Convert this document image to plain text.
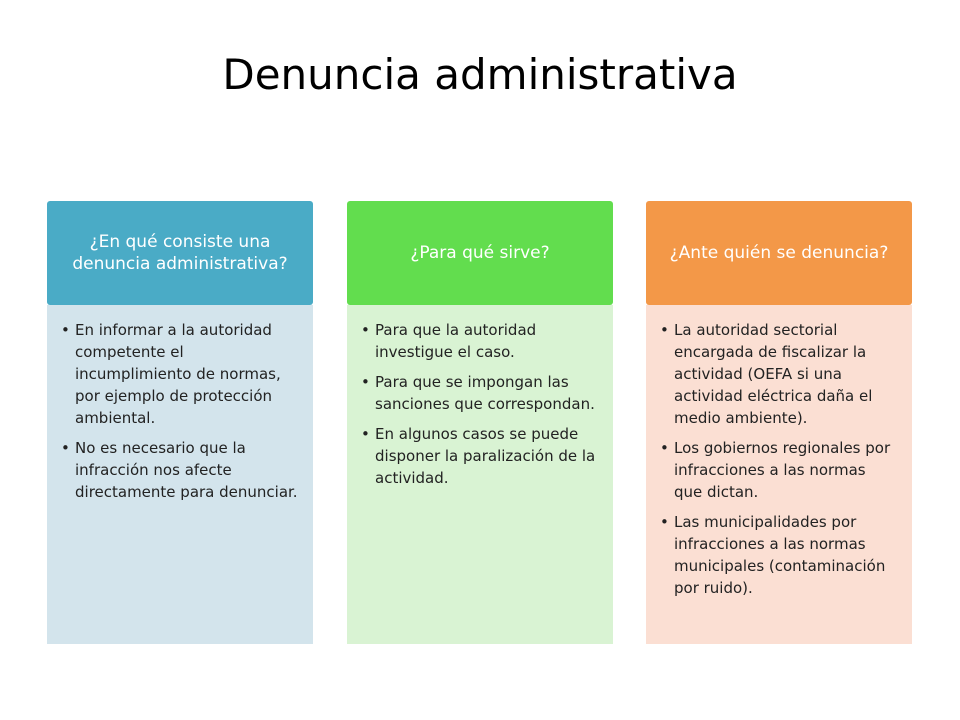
Denuncia administrativa
¿En qué consiste una denuncia administrativa?
• En informar a la autoridad competente el incumplimiento de normas, por ejemplo de protección ambiental.
• No es necesario que la infracción nos afecte directamente para denunciar.
¿Para qué sirve?
• Para que la autoridad investigue el caso.
• Para que se impongan las sanciones que correspondan.
• En algunos casos se puede disponer la paralización de la actividad.
¿Ante quién se denuncia?
• La autoridad sectorial encargada de fiscalizar la actividad (OEFA si una actividad eléctrica daña el medio ambiente).
• Los gobiernos regionales por infracciones a las normas que dictan.
• Las municipalidades por infracciones a las normas municipales (contaminación por ruido).
